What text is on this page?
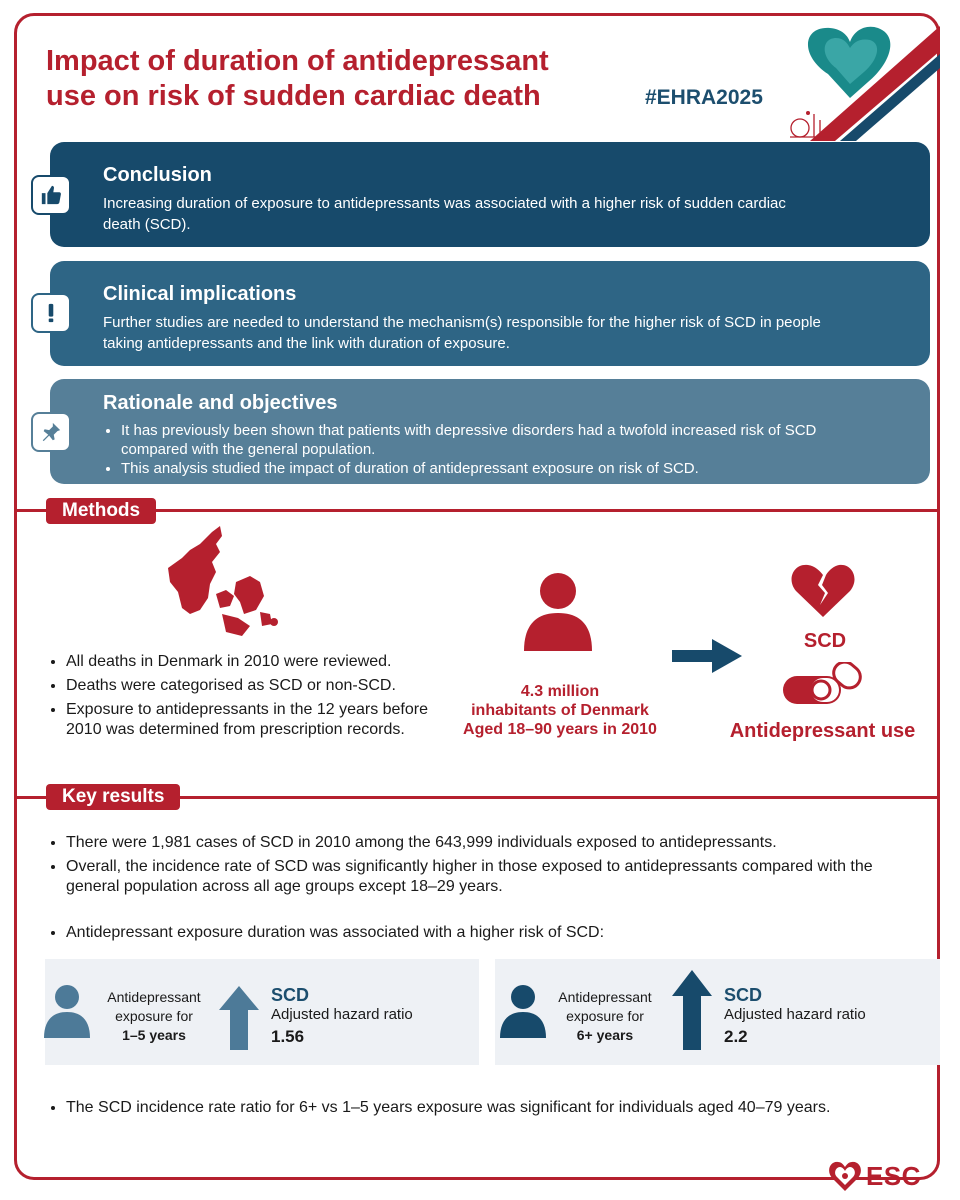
Impact of duration of antidepressant use on risk of sudden cardiac death	#EHRA2025
Conclusion

Increasing duration of exposure to antidepressants was associated with a higher risk of sudden cardiac death (SCD).

Clinical implications

Further studies are needed to understand the mechanism(s) responsible for the higher risk of SCD in people taking antidepressants and the link with duration of exposure.

Rationale and objectives
• It has previously been shown that patients with depressive disorders had a twofold increased risk of SCD compared with the general population.
• This analysis studied the impact of duration of antidepressant exposure on risk of SCD.
Methods
• All deaths in Denmark in 2010 were reviewed.
• Deaths were categorised as SCD or non-SCD.
• Exposure to antidepressants in the 12 years before 2010 was determined from prescription records.
4.3 million
inhabitants of Denmark
Aged 18–90 years in 2010
SCD
Antidepressant use
Key results
• There were 1,981 cases of SCD in 2010 among the 643,999 individuals exposed to antidepressants.
• Overall, the incidence rate of SCD was significantly higher in those exposed to antidepressants compared with the general population across all age groups except 18–29 years.
• Antidepressant exposure duration was associated with a higher risk of SCD:
Antidepressant
exposure for
1–5 years
SCD
Adjusted hazard ratio
1.56
Antidepressant
exposure for
6+ years
SCD
Adjusted hazard ratio
2.2
• The SCD incidence rate ratio for 6+ vs 1–5 years exposure was significant for individuals aged 40–79 years.
ESC
